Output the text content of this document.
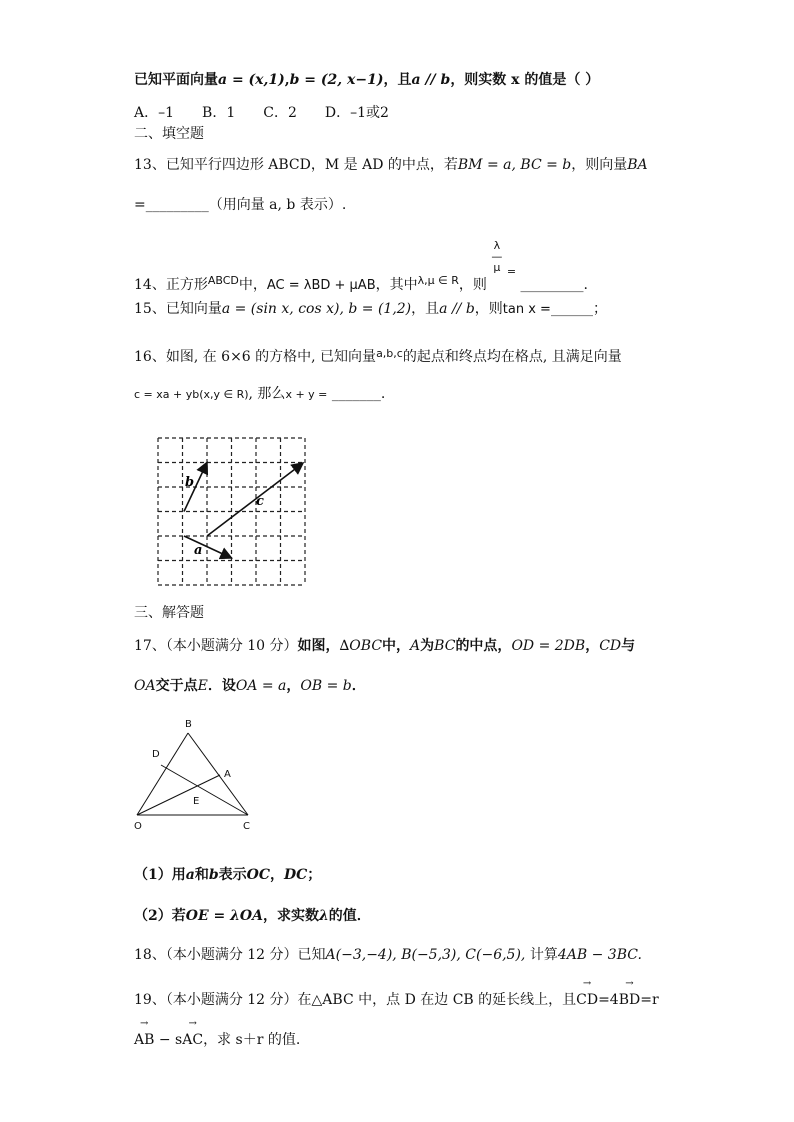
已知平面向量a = (x,1),b = (2, x−1)，且a // b，则实数 x 的值是（ ）
A．–1 B．1 C．2 D．–1或2
二、填空题
13、已知平行四边形 ABCD，M 是 AD 的中点，若BM = a, BC = b，则向量BA
=_________（用向量 a, b 表示）.
14、正方形$^{ABCD}$中，AC = λBD + μAB，其中$^{\lambda,\mu \in R}$，则
λ
—
μ = _________.
15、已知向量a = (sin x, cos x), b = (1,2)，且a // b，则tan x =______；
16、如图, 在 6×6 的方格中, 已知向量$^{a,b,c}$的起点和终点均在格点, 且满足向量
c = xa + yb(x,y ∈ R), 那么x + y = _______.
a
b
c
三、解答题
17、（本小题满分 10 分）如图，∆OBC中，A为BC的中点，OD = 2DB，CD与
OA交于点E．设OA = a，OB = b．
B
D
A
E
O	C
（1）用a和b表示OC，DC；
（2）若OE = λOA，求实数λ的值．
18、（本小题满分 12 分）已知A(−3,−4), B(−5,3), C(−6,5), 计算4AB − 3BC.
19、（本小题满分 12 分）在△ABC 中，点 D 在边 CB 的延长线上，且→ CD=4→ BD=r
→ AB − s→ AC，求 s＋r 的值.
